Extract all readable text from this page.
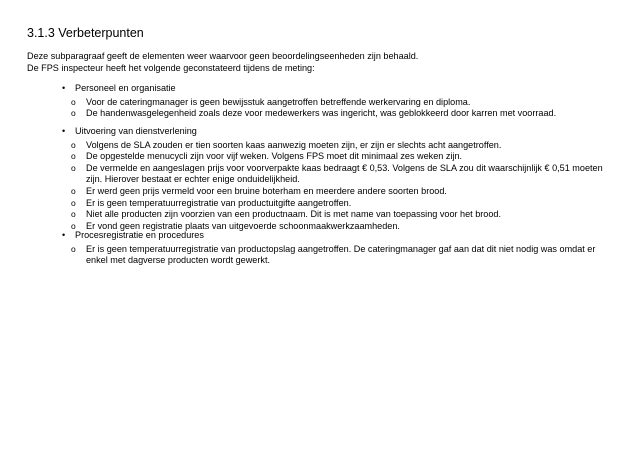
3.1.3 Verbeterpunten

Deze subparagraaf geeft de elementen weer waarvoor geen beoordelingseenheden zijn behaald.

De FPS inspecteur heeft het volgende geconstateerd tijdens de meting:

• Personeel en organisatie
o Voor de cateringmanager is geen bewijsstuk aangetroffen betreffende werkervaring en diploma.
o De handenwasgelegenheid zoals deze voor medewerkers was ingericht, was geblokkeerd door karren met voorraad.
• Uitvoering van dienstverlening
o Volgens de SLA zouden er tien soorten kaas aanwezig moeten zijn, er zijn er slechts acht aangetroffen.
o De opgestelde menucycli zijn voor vijf weken. Volgens FPS moet dit minimaal zes weken zijn.
o De vermelde en aangeslagen prijs voor voorverpakte kaas bedraagt € 0,53. Volgens de SLA zou dit waarschijnlijk € 0,51 moeten zijn. Hierover bestaat er echter enige onduidelijkheid.
o Er werd geen prijs vermeld voor een bruine boterham en meerdere andere soorten brood.
o Er is geen temperatuurregistratie van productuitgifte aangetroffen.
o Niet alle producten zijn voorzien van een productnaam. Dit is met name van toepassing voor het brood.
o Er vond geen registratie plaats van uitgevoerde schoonmaakwerkzaamheden.
• Procesregistratie en procedures
o Er is geen temperatuurregistratie van productopslag aangetroffen. De cateringmanager gaf aan dat dit niet nodig was omdat er enkel met dagverse producten wordt gewerkt.
